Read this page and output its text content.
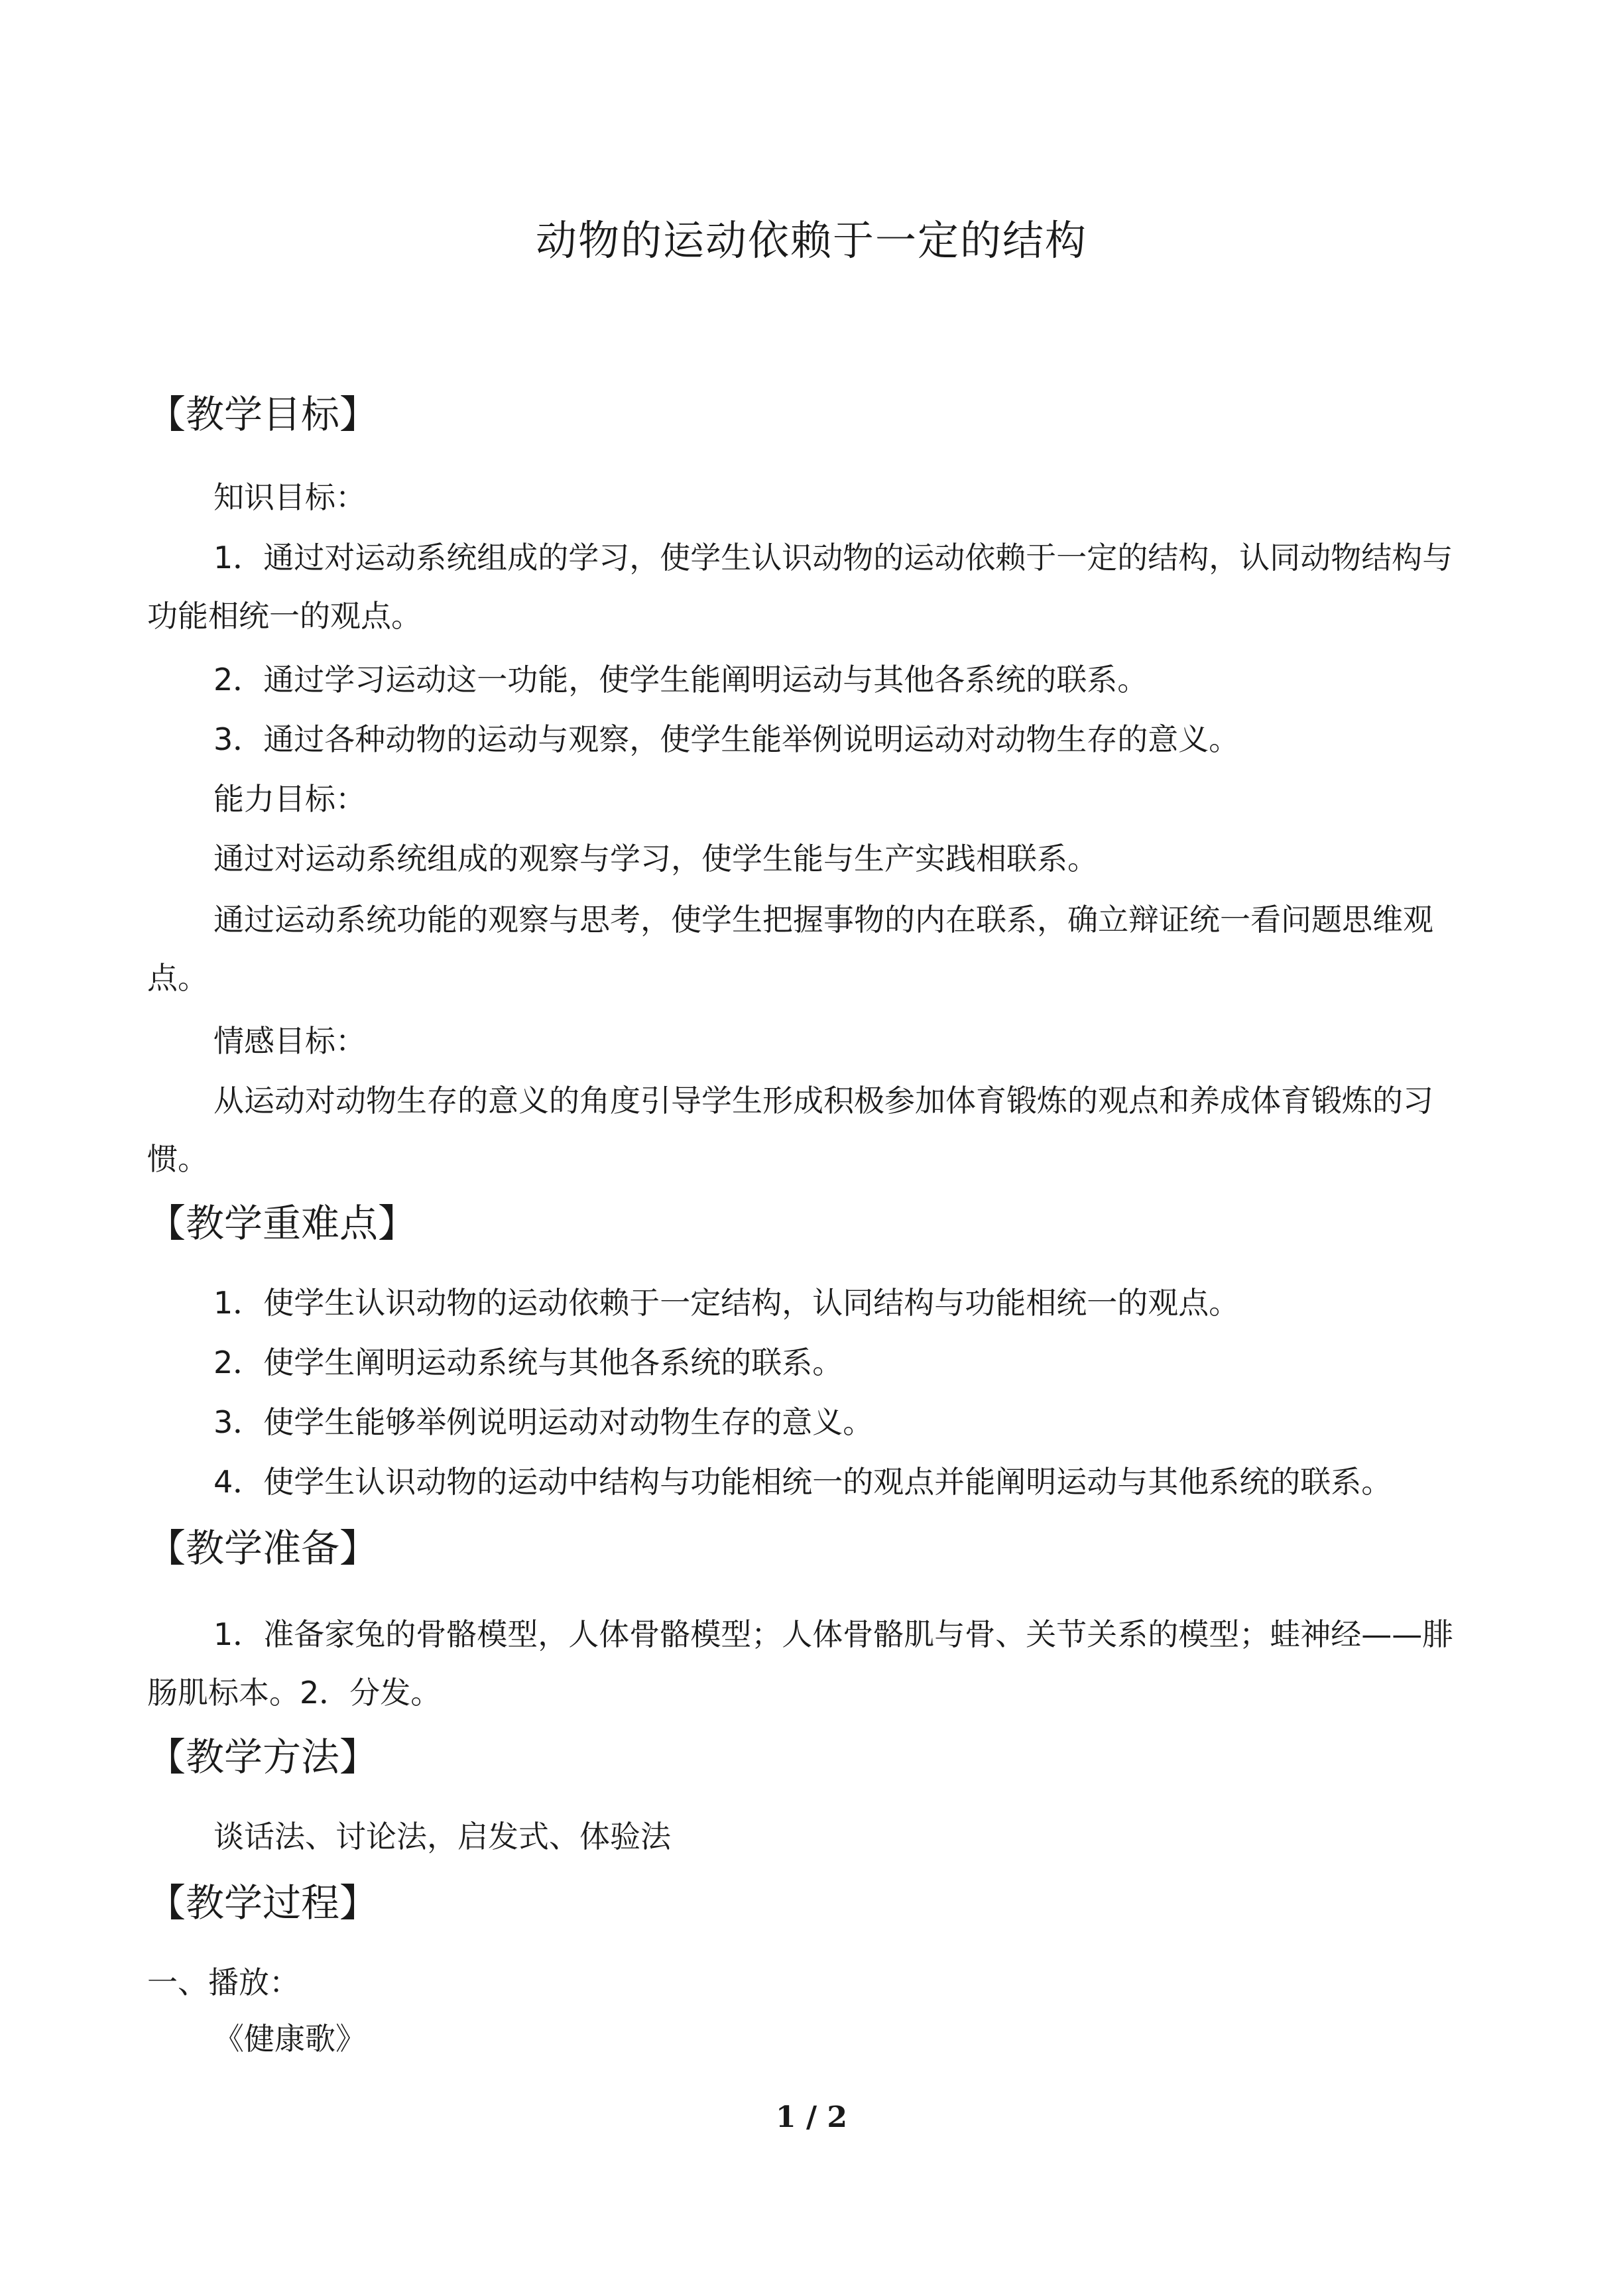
动物的运动依赖于一定的结构
【教学目标】
知识目标：
1．通过对运动系统组成的学习，使学生认识动物的运动依赖于一定的结构，认同动物结构与功能相统一的观点。
2．通过学习运动这一功能，使学生能阐明运动与其他各系统的联系。
3．通过各种动物的运动与观察，使学生能举例说明运动对动物生存的意义。
能力目标：
通过对运动系统组成的观察与学习，使学生能与生产实践相联系。
通过运动系统功能的观察与思考，使学生把握事物的内在联系，确立辩证统一看问题思维观点。
情感目标：
从运动对动物生存的意义的角度引导学生形成积极参加体育锻炼的观点和养成体育锻炼的习惯。
【教学重难点】
1．使学生认识动物的运动依赖于一定结构，认同结构与功能相统一的观点。
2．使学生阐明运动系统与其他各系统的联系。
3．使学生能够举例说明运动对动物生存的意义。
4．使学生认识动物的运动中结构与功能相统一的观点并能阐明运动与其他系统的联系。
【教学准备】
1．准备家兔的骨骼模型，人体骨骼模型；人体骨骼肌与骨、关节关系的模型；蛙神经——腓肠肌标本。2．分发。
【教学方法】
谈话法、讨论法，启发式、体验法
【教学过程】
一、播放：
《健康歌》
1 / 2
